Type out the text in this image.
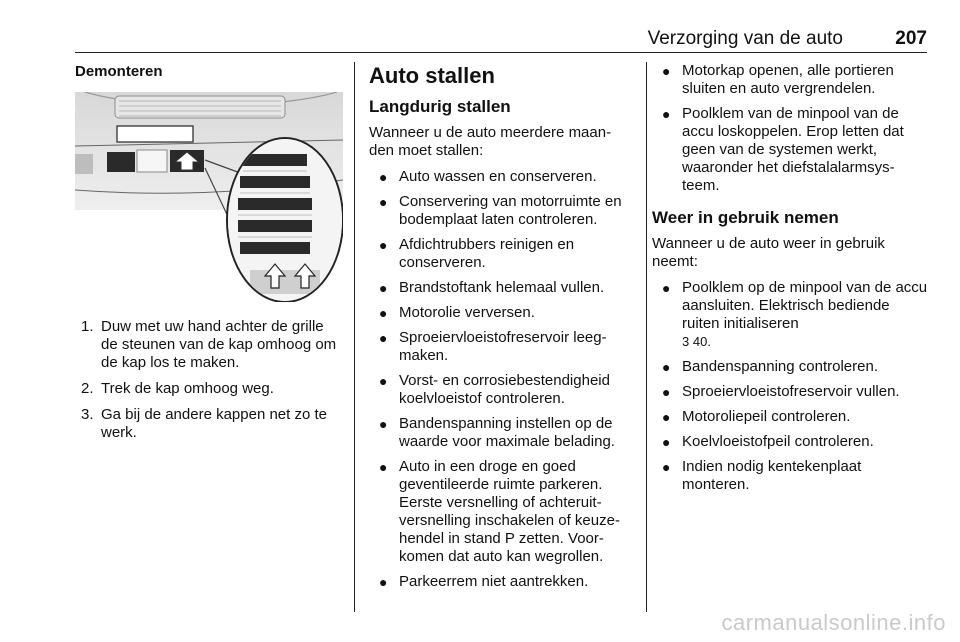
Verzorging van de auto	207

Demonteren

1. Duw met uw hand achter de grille de steunen van de kap omhoog om de kap los te maken.
2. Trek de kap omhoog weg.
3. Ga bij de andere kappen net zo te werk.

Auto stallen

Langdurig stallen

Wanneer u de auto meerdere maan-den moet stallen:

● Auto wassen en conserveren.
● Conservering van motorruimte en bodemplaat laten controleren.
● Afdichtrubbers reinigen en conserveren.
● Brandstoftank helemaal vullen.
● Motorolie verversen.
● Sproeiervloeistofreservoir leeg-maken.
● Vorst- en corrosiebestendigheid koelvloeistof controleren.
● Bandenspanning instellen op de waarde voor maximale belading.
● Auto in een droge en goed geventileerde ruimte parkeren. Eerste versnelling of achteruit-versnelling inschakelen of keuze-hendel in stand P zetten. Voor-komen dat auto kan wegrollen.
● Parkeerrem niet aantrekken.
● Motorkap openen, alle portieren sluiten en auto vergrendelen.
● Poolklem van de minpool van de accu loskoppelen. Erop letten dat geen van de systemen werkt, waaronder het diefstalalarmsys-teem.

Weer in gebruik nemen

Wanneer u de auto weer in gebruik neemt:

● Poolklem op de minpool van de accu aansluiten. Elektrisch bediende ruiten initialiseren
3 40.
● Bandenspanning controleren.
● Sproeiervloeistofreservoir vullen.
● Motoroliepeil controleren.
● Koelvloeistofpeil controleren.
● Indien nodig kentekenplaat monteren.
carmanualsonline.info
